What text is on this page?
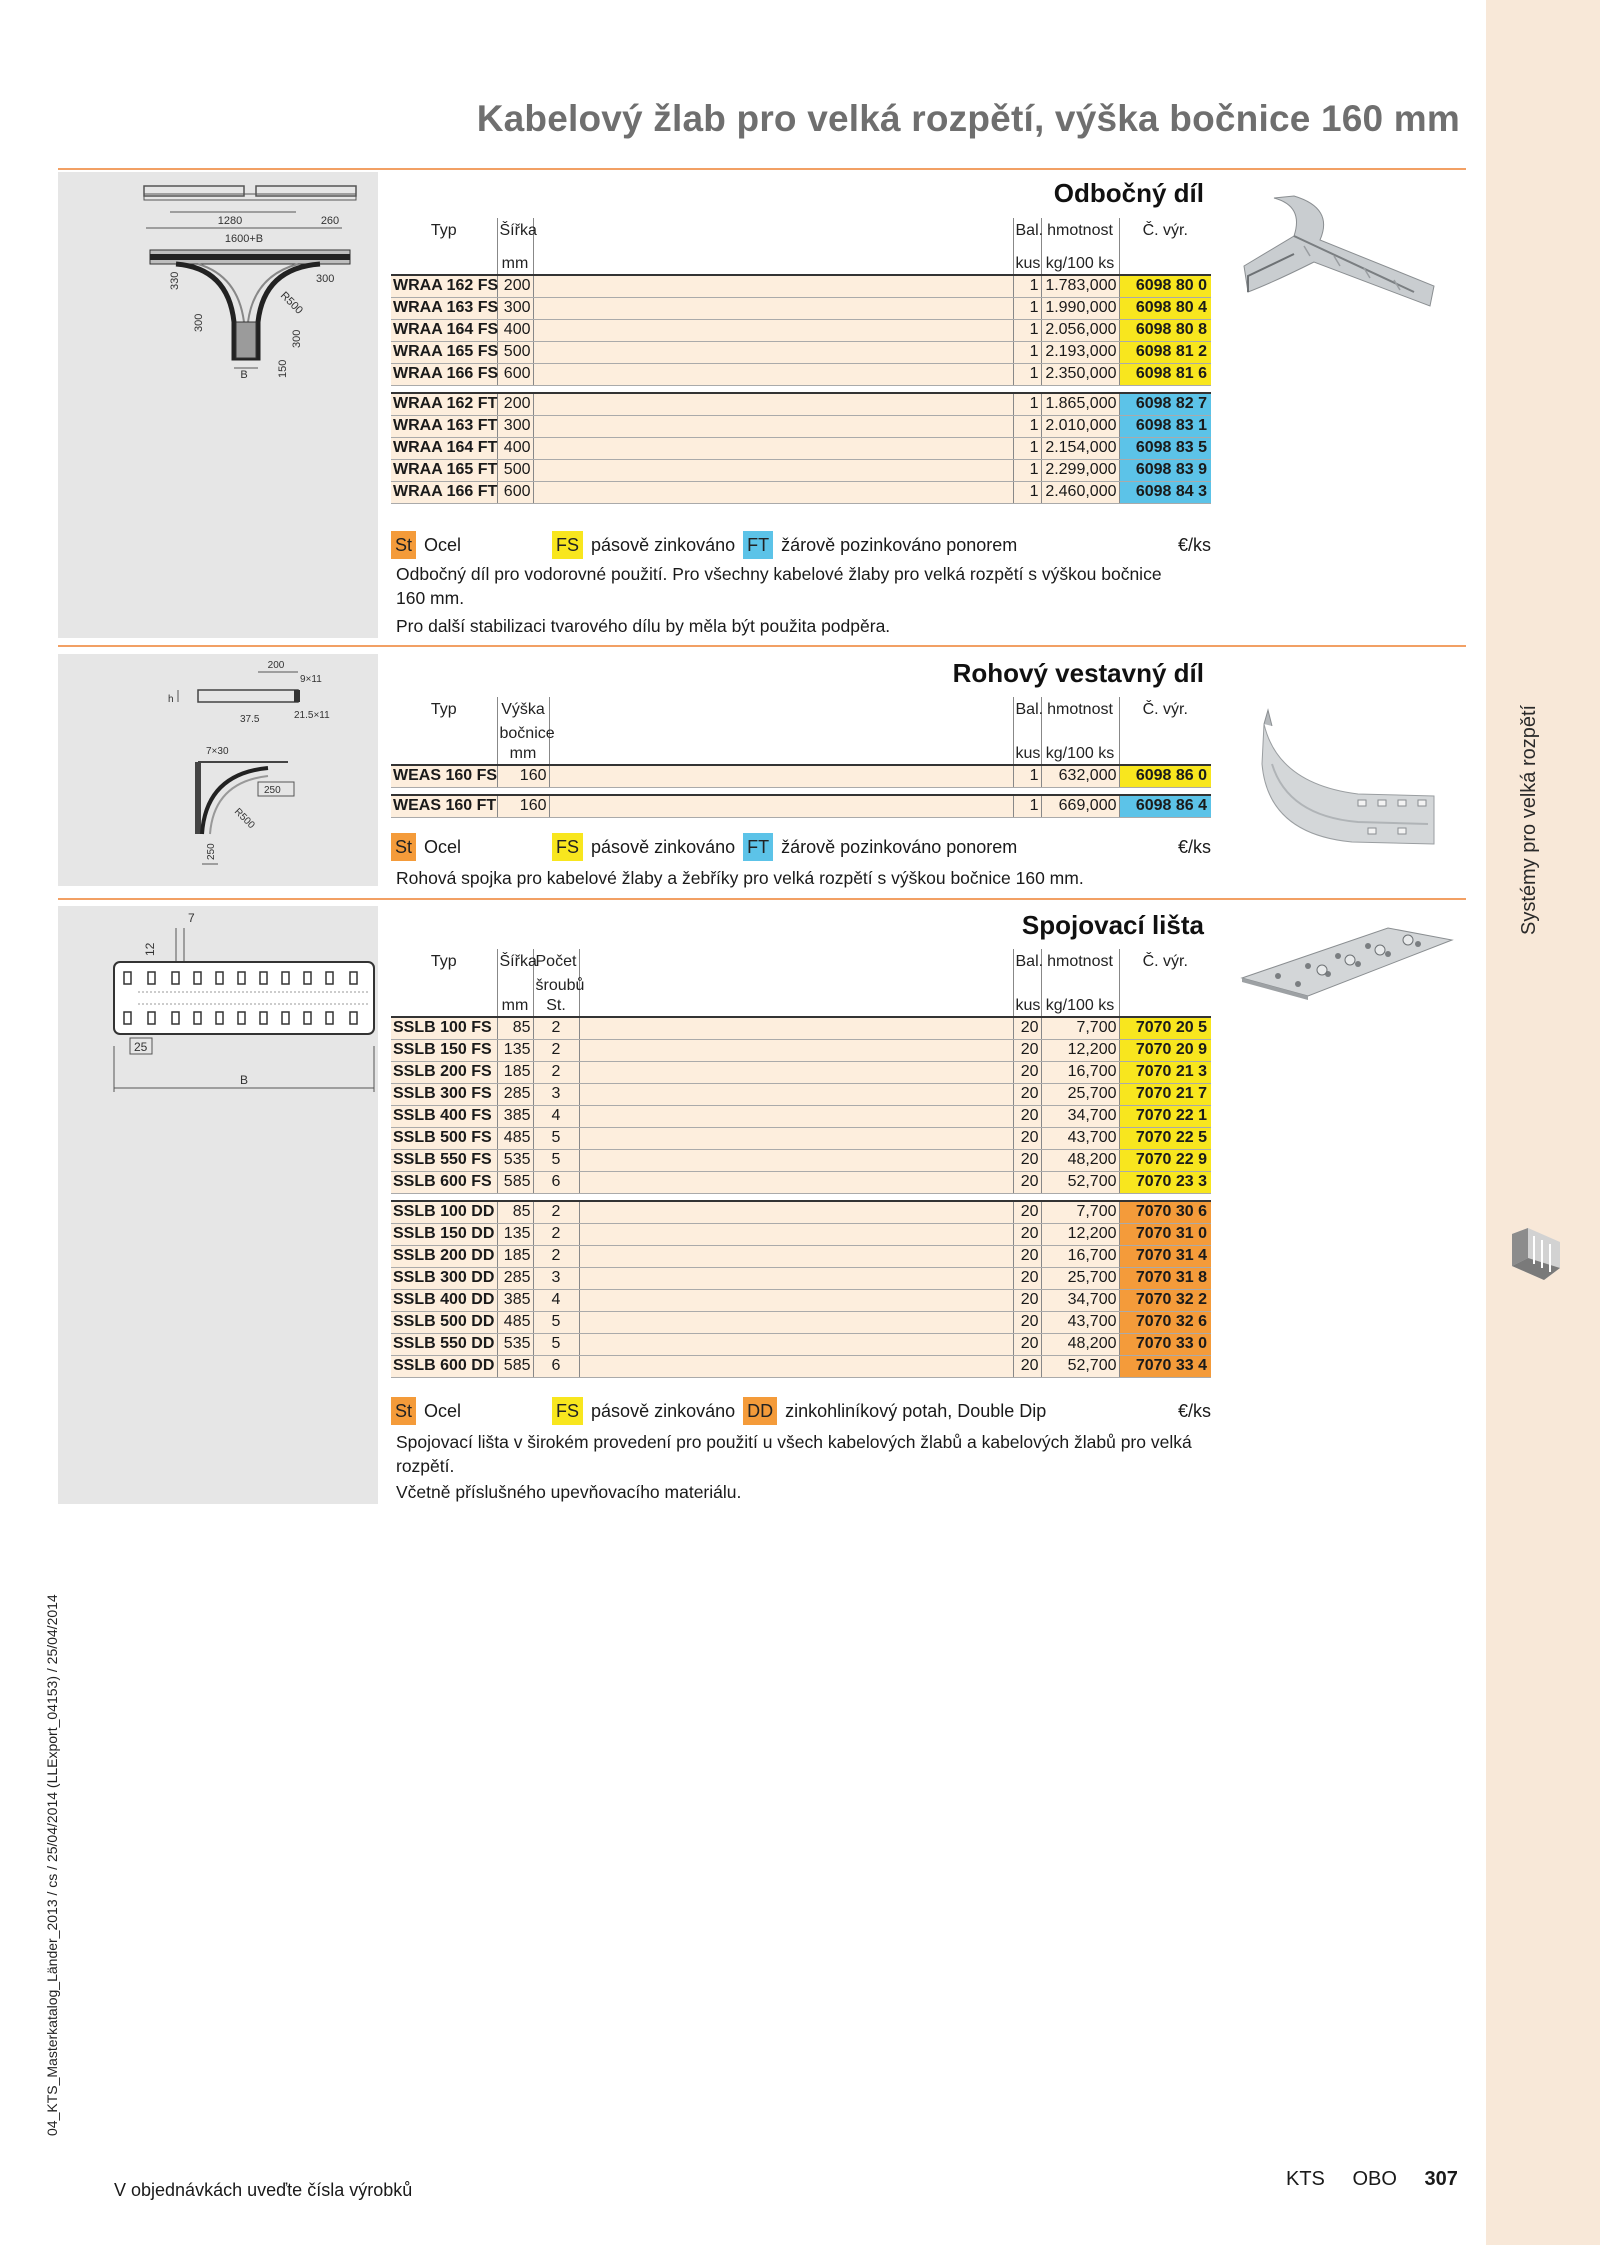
Systémy pro velká rozpětí
04_KTS_Masterkatalog_Länder_2013 / cs / 25/04/2014 (LLExport_04153) / 25/04/2014
Kabelový žlab pro velká rozpětí, výška bočnice 160 mm
1280	260
1600+B
300
330
300
R500
300
B	150
Odbočný díl
Typ	Šířka		Bal.	hmotnost	Č. výr.
	mm		kus	kg/100 ks	
WRAA 162 FS	200		1	1.783,000	6098 80 0
WRAA 163 FS	300		1	1.990,000	6098 80 4
WRAA 164 FS	400		1	2.056,000	6098 80 8
WRAA 165 FS	500		1	2.193,000	6098 81 2
WRAA 166 FS	600		1	2.350,000	6098 81 6

WRAA 162 FT	200		1	1.865,000	6098 82 7
WRAA 163 FT	300		1	2.010,000	6098 83 1
WRAA 164 FT	400		1	2.154,000	6098 83 5
WRAA 165 FT	500		1	2.299,000	6098 83 9
WRAA 166 FT	600		1	2.460,000	6098 84 3
St Ocel	FS pásově zinkováno FT žárově pozinkováno ponorem	€/ks
Odbočný díl pro vodorovné použití. Pro všechny kabelové žlaby pro velká rozpětí s výškou bočnice 160 mm.
Pro další stabilizaci tvarového dílu by měla být použita podpěra.
200
9×11
h
37.5	21.5×11
7×30
250
R500
250
Rohový vestavný díl
Typ	Výška		Bal.	hmotnost	Č. výr.
	bočnice				
	mm		kus	kg/100 ks	
WEAS 160 FS	160		1	632,000	6098 86 0

WEAS 160 FT	160		1	669,000	6098 86 4
St Ocel	FS pásově zinkováno FT žárově pozinkováno ponorem	€/ks
Rohová spojka pro kabelové žlaby a žebříky pro velká rozpětí s výškou bočnice 160 mm.
7
12
25
B
Spojovací lišta
Typ	Šířka	Počet		Bal.	hmotnost	Č. výr.
		šroubů				
	mm	St.		kus	kg/100 ks	
SSLB 100 FS	85	2		20	7,700	7070 20 5
SSLB 150 FS	135	2		20	12,200	7070 20 9
SSLB 200 FS	185	2		20	16,700	7070 21 3
SSLB 300 FS	285	3		20	25,700	7070 21 7
SSLB 400 FS	385	4		20	34,700	7070 22 1
SSLB 500 FS	485	5		20	43,700	7070 22 5
SSLB 550 FS	535	5		20	48,200	7070 22 9
SSLB 600 FS	585	6		20	52,700	7070 23 3

SSLB 100 DD	85	2		20	7,700	7070 30 6
SSLB 150 DD	135	2		20	12,200	7070 31 0
SSLB 200 DD	185	2		20	16,700	7070 31 4
SSLB 300 DD	285	3		20	25,700	7070 31 8
SSLB 400 DD	385	4		20	34,700	7070 32 2
SSLB 500 DD	485	5		20	43,700	7070 32 6
SSLB 550 DD	535	5		20	48,200	7070 33 0
SSLB 600 DD	585	6		20	52,700	7070 33 4
St Ocel	FS pásově zinkováno DD zinkohliníkový potah, Double Dip	€/ks
Spojovací lišta v širokém provedení pro použití u všech kabelových žlabů a kabelových žlabů pro velká rozpětí.
Včetně příslušného upevňovacího materiálu.
V objednávkách uveďte čísla výrobků	KTS OBO 307
